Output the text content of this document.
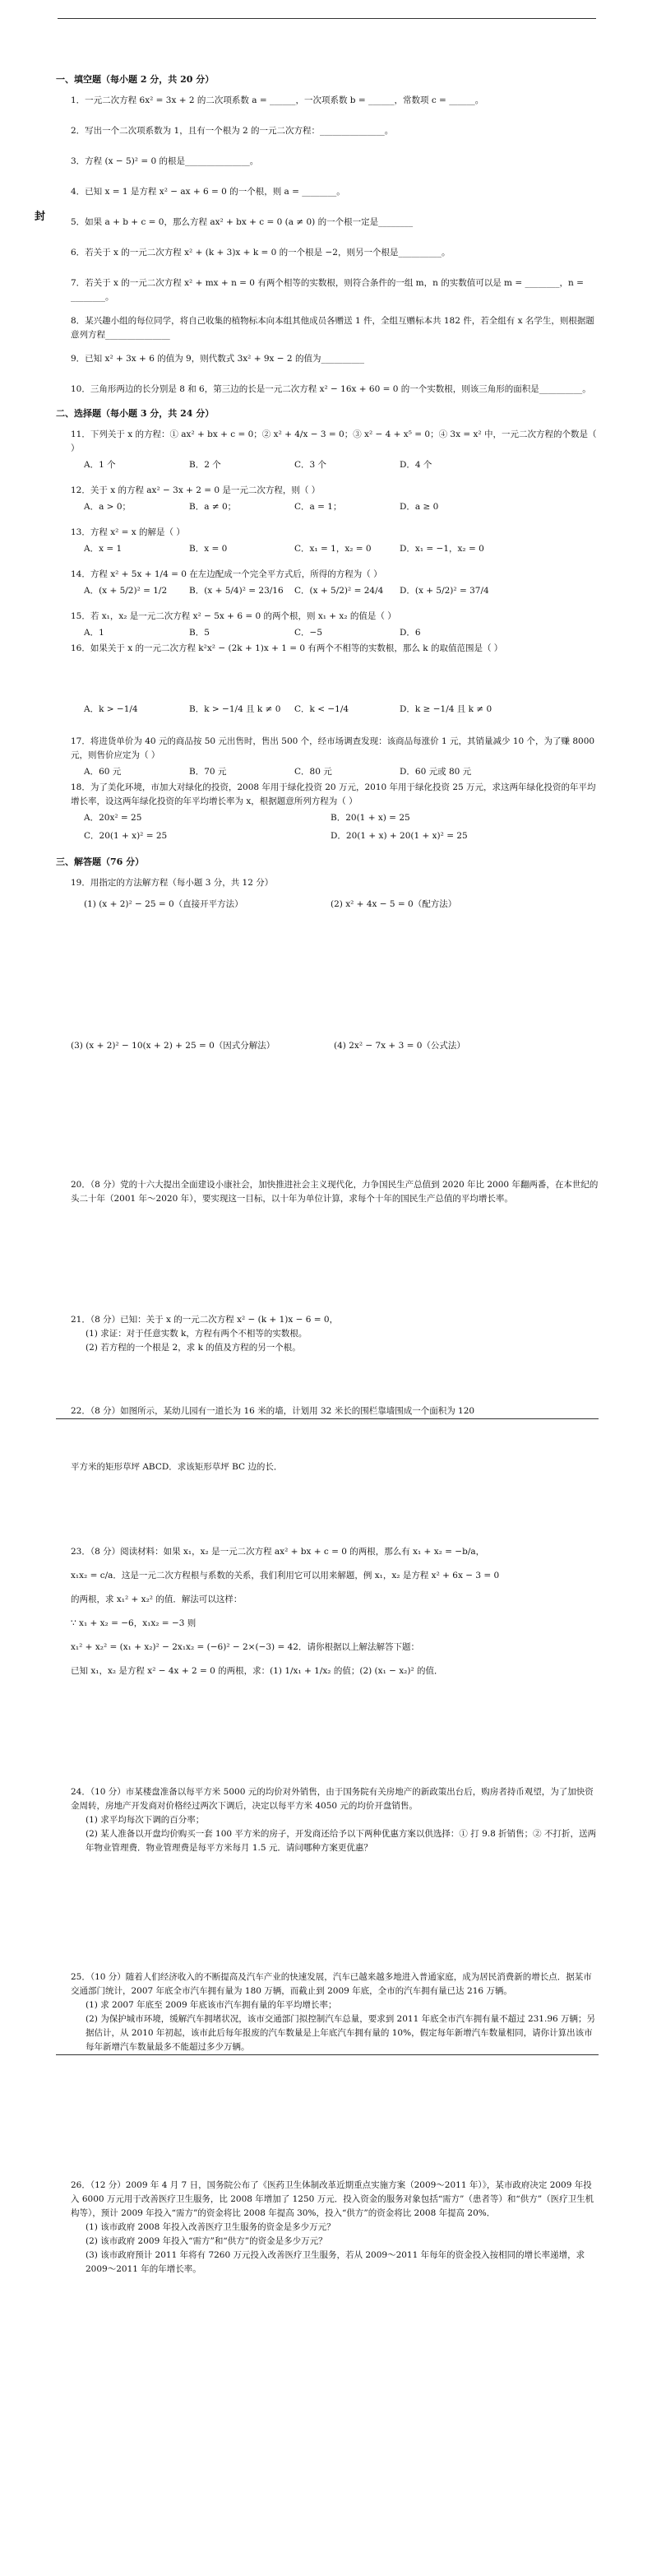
封
一、填空题（每小题 2 分，共 20 分）

1．一元二次方程 6x² = 3x + 2 的二次项系数 a = ______，一次项系数 b = ______，常数项 c = ______。

2．写出一个二次项系数为 1，且有一个根为 2 的一元二次方程：_______________。

3．方程 (x − 5)² = 0 的根是_______________。

4．已知 x = 1 是方程 x² − ax + 6 = 0 的一个根，则 a = ________。

5．如果 a + b + c = 0，那么方程 ax² + bx + c = 0 (a ≠ 0) 的一个根一定是________

6．若关于 x 的一元二次方程 x² + (k + 3)x + k = 0 的一个根是 −2，则另一个根是__________。

7．若关于 x 的一元二次方程 x² + mx + n = 0 有两个相等的实数根，则符合条件的一组 m，n 的实数值可以是 m = ________，n = ________。

8．某兴趣小组的每位同学，将自己收集的植物标本向本组其他成员各赠送 1 件，全组互赠标本共 182 件，若全组有 x 名学生，则根据题意列方程_______________

9．已知 x² + 3x + 6 的值为 9，则代数式 3x² + 9x − 2 的值为__________

10．三角形两边的长分别是 8 和 6，第三边的长是一元二次方程 x² − 16x + 60 = 0 的一个实数根，则该三角形的面积是__________。

二、选择题（每小题 3 分，共 24 分）

11．下列关于 x 的方程：① ax² + bx + c = 0；② x² + 4/x − 3 = 0；③ x² − 4 + x⁵ = 0；④ 3x = x² 中，一元二次方程的个数是（ ）

A．1 个	B．2 个	C．3 个	D．4 个

12．关于 x 的方程 ax² − 3x + 2 = 0 是一元二次方程，则（ ）

A．a > 0；	B．a ≠ 0；	C．a = 1；	D．a ≥ 0

13．方程 x² = x 的解是（ ）

A．x = 1	B．x = 0	C．x₁ = 1，x₂ = 0	D．x₁ = −1，x₂ = 0

14．方程 x² + 5x + 1/4 = 0 在左边配成一个完全平方式后，所得的方程为（ ）

A．(x + 5/2)² = 1/2	B．(x + 5/4)² = 23/16	C．(x + 5/2)² = 24/4	D．(x + 5/2)² = 37/4

15．若 x₁，x₂ 是一元二次方程 x² − 5x + 6 = 0 的两个根，则 x₁ + x₂ 的值是（ ）

A．1	B．5	C．−5	D．6

16．如果关于 x 的一元二次方程 k²x² − (2k + 1)x + 1 = 0 有两个不相等的实数根，那么 k 的取值范围是（ ）

A．k > −1/4	B．k > −1/4 且 k ≠ 0	C．k < −1/4	D．k ≥ −1/4 且 k ≠ 0

17．将进货单价为 40 元的商品按 50 元出售时，售出 500 个，经市场调查发现：该商品每涨价 1 元，其销量减少 10 个，为了赚 8000 元，则售价应定为（ ）

A．60 元	B．70 元	C．80 元	D．60 元或 80 元

18．为了美化环境，市加大对绿化的投资，2008 年用于绿化投资 20 万元，2010 年用于绿化投资 25 万元，求这两年绿化投资的年平均增长率，设这两年绿化投资的年平均增长率为 x，根据题意所列方程为（ ）

A．20x² = 25	B．20(1 + x) = 25
C．20(1 + x)² = 25	D．20(1 + x) + 20(1 + x)² = 25
三、解答题（76 分）

19．用指定的方法解方程（每小题 3 分，共 12 分）

(1) (x + 2)² − 25 = 0（直接开平方法）	(2) x² + 4x − 5 = 0（配方法）
(3) (x + 2)² − 10(x + 2) + 25 = 0（因式分解法）	(4) 2x² − 7x + 3 = 0（公式法）

20．（8 分）党的十六大提出全面建设小康社会，加快推进社会主义现代化，力争国民生产总值到 2020 年比 2000 年翻两番，在本世纪的头二十年（2001 年～2020 年），要实现这一目标，以十年为单位计算，求每个十年的国民生产总值的平均增长率。

21．（8 分）已知：关于 x 的一元二次方程 x² − (k + 1)x − 6 = 0，

(1) 求证：对于任意实数 k，方程有两个不相等的实数根。

(2) 若方程的一个根是 2，求 k 的值及方程的另一个根。

22．（8 分）如图所示，某幼儿园有一道长为 16 米的墙，计划用 32 米长的围栏靠墙围成一个面积为 120

平方米的矩形草坪 ABCD．求该矩形草坪 BC 边的长．

23．（8 分）阅读材料：如果 x₁，x₂ 是一元二次方程 ax² + bx + c = 0 的两根，那么有 x₁ + x₂ = −b/a，

x₁x₂ = c/a．这是一元二次方程根与系数的关系，我们利用它可以用来解题，例 x₁，x₂ 是方程 x² + 6x − 3 = 0

的两根，求 x₁² + x₂² 的值．解法可以这样：

∵ x₁ + x₂ = −6，x₁x₂ = −3 则

x₁² + x₂² = (x₁ + x₂)² − 2x₁x₂ = (−6)² − 2×(−3) = 42．请你根据以上解法解答下题：

已知 x₁，x₂ 是方程 x² − 4x + 2 = 0 的两根，求：(1) 1/x₁ + 1/x₂ 的值；(2) (x₁ − x₂)² 的值．

24．（10 分）市某楼盘准备以每平方米 5000 元的均价对外销售，由于国务院有关房地产的新政策出台后，购房者持币观望，为了加快资金周转，房地产开发商对价格经过两次下调后，决定以每平方米 4050 元的均价开盘销售。

(1) 求平均每次下调的百分率；

(2) 某人准备以开盘均价购买一套 100 平方米的房子，开发商还给予以下两种优惠方案以供选择：① 打 9.8 折销售；② 不打折，送两年物业管理费．物业管理费是每平方米每月 1.5 元．请问哪种方案更优惠？

25．（10 分）随着人们经济收入的不断提高及汽车产业的快速发展，汽车已越来越多地进入普通家庭，成为居民消费新的增长点．据某市交通部门统计，2007 年底全市汽车拥有量为 180 万辆，而截止到 2009 年底，全市的汽车拥有量已达 216 万辆。

(1) 求 2007 年底至 2009 年底该市汽车拥有量的年平均增长率；

(2) 为保护城市环境，缓解汽车拥堵状况，该市交通部门拟控制汽车总量，要求到 2011 年底全市汽车拥有量不超过 231.96 万辆；另据估计，从 2010 年初起，该市此后每年报废的汽车数量是上年底汽车拥有量的 10%，假定每年新增汽车数量相同，请你计算出该市每年新增汽车数量最多不能超过多少万辆。

26．（12 分）2009 年 4 月 7 日，国务院公布了《医药卫生体制改革近期重点实施方案（2009～2011 年）》，某市政府决定 2009 年投入 6000 万元用于改善医疗卫生服务，比 2008 年增加了 1250 万元．投入资金的服务对象包括“需方”（患者等）和“供方”（医疗卫生机构等），预计 2009 年投入“需方”的资金将比 2008 年提高 30%，投入“供方”的资金将比 2008 年提高 20%．

(1) 该市政府 2008 年投入改善医疗卫生服务的资金是多少万元？

(2) 该市政府 2009 年投入“需方”和“供方”的资金是多少万元？

(3) 该市政府预计 2011 年将有 7260 万元投入改善医疗卫生服务，若从 2009～2011 年每年的资金投入按相同的增长率递增，求 2009～2011 年的年增长率。
